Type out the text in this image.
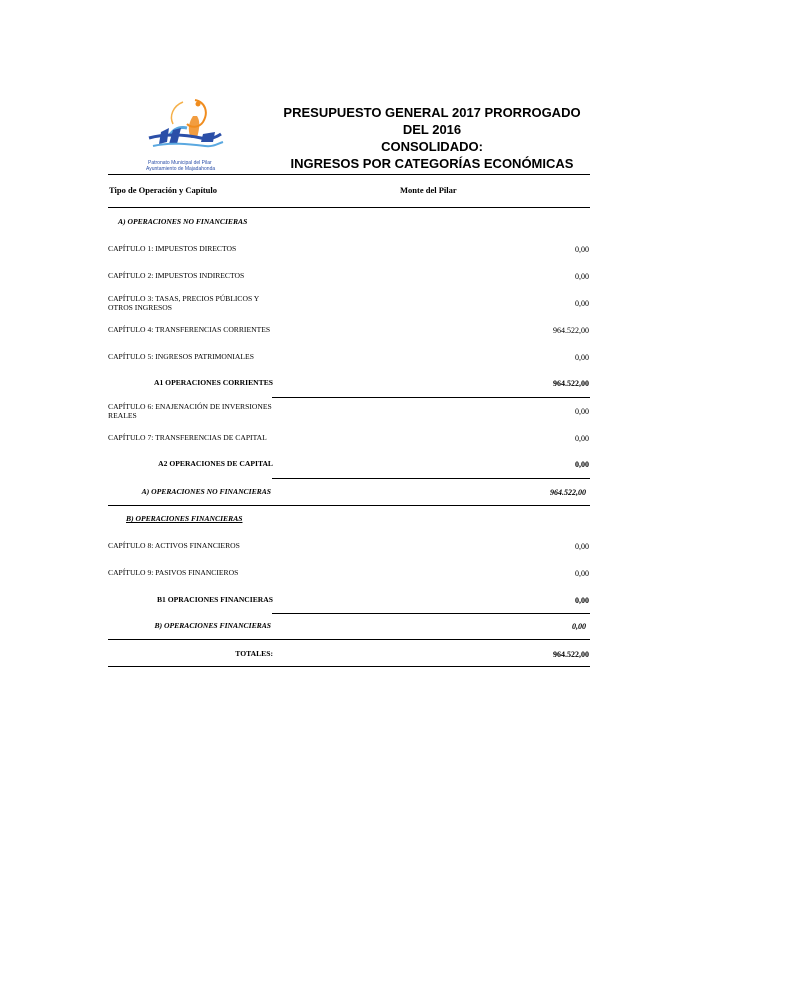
Patronato Municipal del Pilar
Ayuntamiento de Majadahonda
PRESUPUESTO GENERAL 2017 PRORROGADO
DEL 2016
CONSOLIDADO:
INGRESOS POR CATEGORÍAS ECONÓMICAS
Tipo de Operación y Capítulo	Monte del Pilar
A) OPERACIONES NO FINANCIERAS
CAPÍTULO 1: IMPUESTOS DIRECTOS	0,00
CAPÍTULO 2: IMPUESTOS INDIRECTOS	0,00
CAPÍTULO 3: TASAS, PRECIOS PÚBLICOS Y OTROS INGRESOS	0,00
CAPÍTULO 4: TRANSFERENCIAS CORRIENTES	964.522,00
CAPÍTULO 5: INGRESOS PATRIMONIALES	0,00
A1 OPERACIONES CORRIENTES	964.522,00
CAPÍTULO 6: ENAJENACIÓN DE INVERSIONES REALES	0,00
CAPÍTULO 7: TRANSFERENCIAS DE CAPITAL	0,00
A2 OPERACIONES DE CAPITAL	0,00
A) OPERACIONES NO FINANCIERAS	964.522,00
B) OPERACIONES FINANCIERAS
CAPÍTULO 8: ACTIVOS FINANCIEROS	0,00
CAPÍTULO 9: PASIVOS FINANCIEROS	0,00
B1 OPRACIONES FINANCIERAS	0,00
B) OPERACIONES FINANCIERAS	0,00
TOTALES:	964.522,00
